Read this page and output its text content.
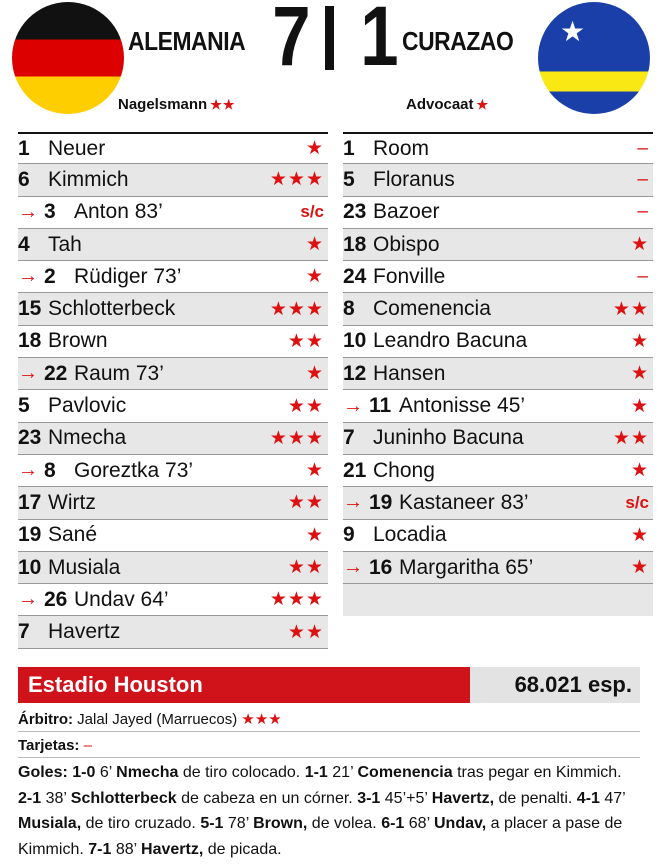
ALEMANIA 7 1 CURAZAO ★
Nagelsmann ★★	Advocaat ★
1 Neuer	★
6 Kimmich	★★★
→ 3 Anton 83’	s/c
4 Tah	★
→ 2 Rüdiger 73’	★
15 Schlotterbeck	★★★
18 Brown	★★
→ 22 Raum 73’	★
5 Pavlovic	★★
23 Nmecha	★★★
→ 8 Goreztka 73’	★
17 Wirtz	★★
19 Sané	★
10 Musiala	★★
→ 26 Undav 64’	★★★
7 Havertz	★★
1 Room	–
5 Floranus	–
23 Bazoer	–
18 Obispo	★
24 Fonville	–
8 Comenencia	★★
10 Leandro Bacuna	★
12 Hansen	★
→ 11 Antonisse 45’	★
7 Juninho Bacuna	★★
21 Chong	★
→ 19 Kastaneer 83’	s/c
9 Locadia	★
→ 16 Margaritha 65’	★
Estadio Houston	68.021 esp.
Árbitro: Jalal Jayed (Marruecos) ★★★
Tarjetas: –
Goles: 1-0 6’ Nmecha de tiro colocado. 1-1 21’ Comenencia tras pegar en Kimmich. 2-1 38’ Schlotterbeck de cabeza en un córner. 3-1 45’+5’ Havertz, de penalti. 4-1 47’ Musiala, de tiro cruzado. 5-1 78’ Brown, de volea. 6-1 68’ Undav, a placer a pase de Kimmich. 7-1 88’ Havertz, de picada.
